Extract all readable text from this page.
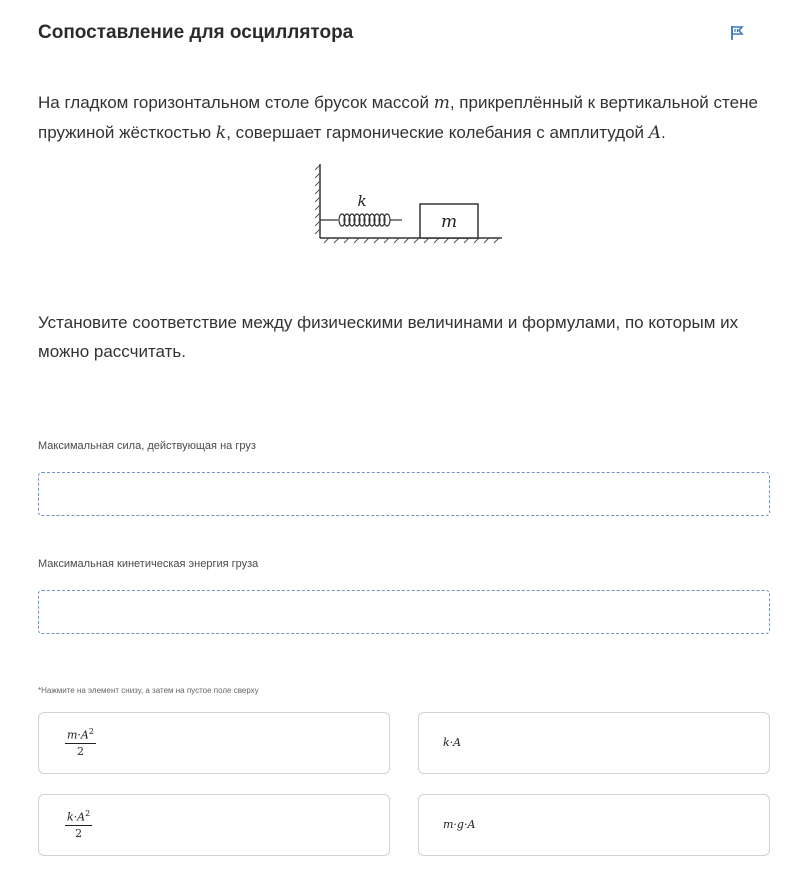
Сопоставление для осциллятора
На гладком горизонтальном столе брусок массой m, прикреплённый к вертикальной стене пружиной жёсткостью k, совершает гармонические колебания с амплитудой A.
k
m
Установите соответствие между физическими величинами и формулами, по которым их можно рассчитать.
Максимальная сила, действующая на груз
Максимальная кинетическая энергия груза
*Нажмите на элемент снизу, а затем на пустое поле сверху
$\frac{m\cdot A^2}{2}$	k·A
$\frac{k\cdot A^2}{2}$	m·g·A
